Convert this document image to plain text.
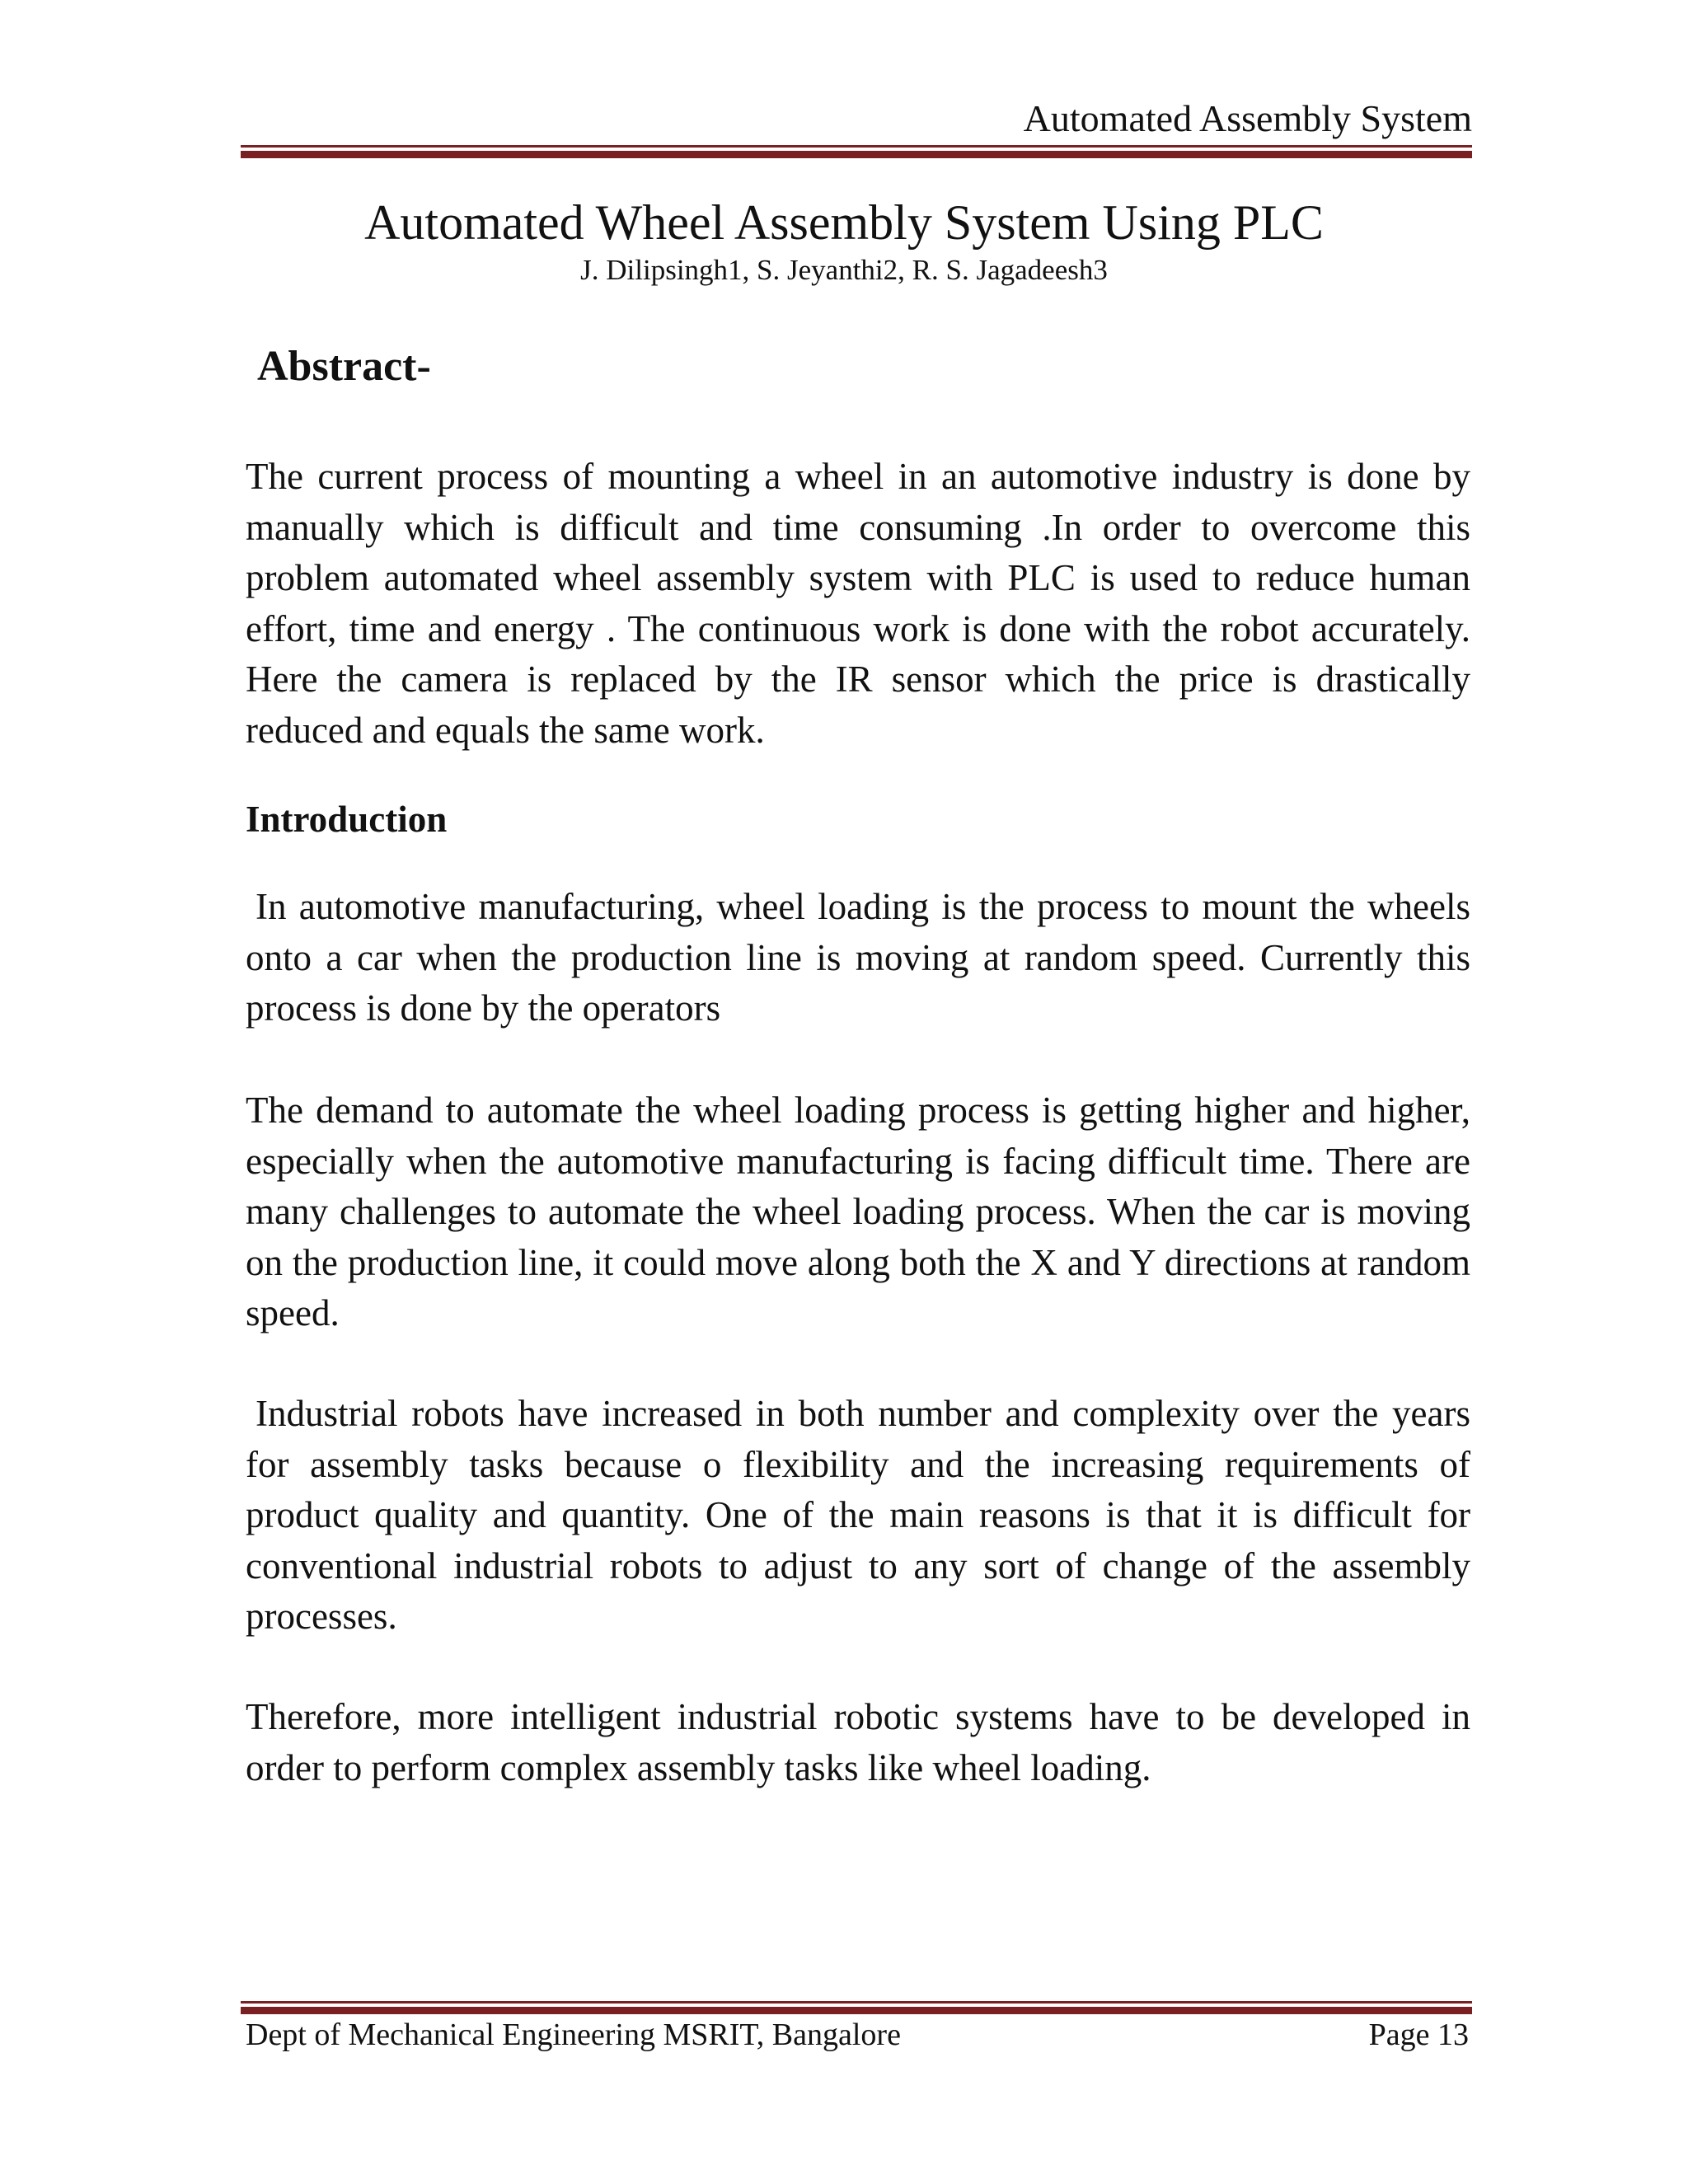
Automated Assembly System
Automated Wheel Assembly System Using PLC
J. Dilipsingh1, S. Jeyanthi2, R. S. Jagadeesh3
Abstract-
The current process of mounting a wheel in an automotive industry is done by manually which is difficult and time consuming .In order to overcome this problem automated wheel assembly system with PLC is used to reduce human effort, time and energy . The continuous work is done with the robot accurately. Here the camera is replaced by the IR sensor which the price is drastically reduced and equals the same work.
Introduction
In automotive manufacturing, wheel loading is the process to mount the wheels onto a car when the production line is moving at random speed. Currently this process is done by the operators
The demand to automate the wheel loading process is getting higher and higher, especially when the automotive manufacturing is facing difficult time. There are many challenges to automate the wheel loading process. When the car is moving on the production line, it could move along both the X and Y directions at random speed.
Industrial robots have increased in both number and complexity over the years for assembly tasks because o flexibility and the increasing requirements of product quality and quantity. One of the main reasons is that it is difficult for conventional industrial robots to adjust to any sort of change of the assembly processes.
Therefore, more intelligent industrial robotic systems have to be developed in order to perform complex assembly tasks like wheel loading.
Dept of Mechanical Engineering MSRIT, Bangalore	Page 13
